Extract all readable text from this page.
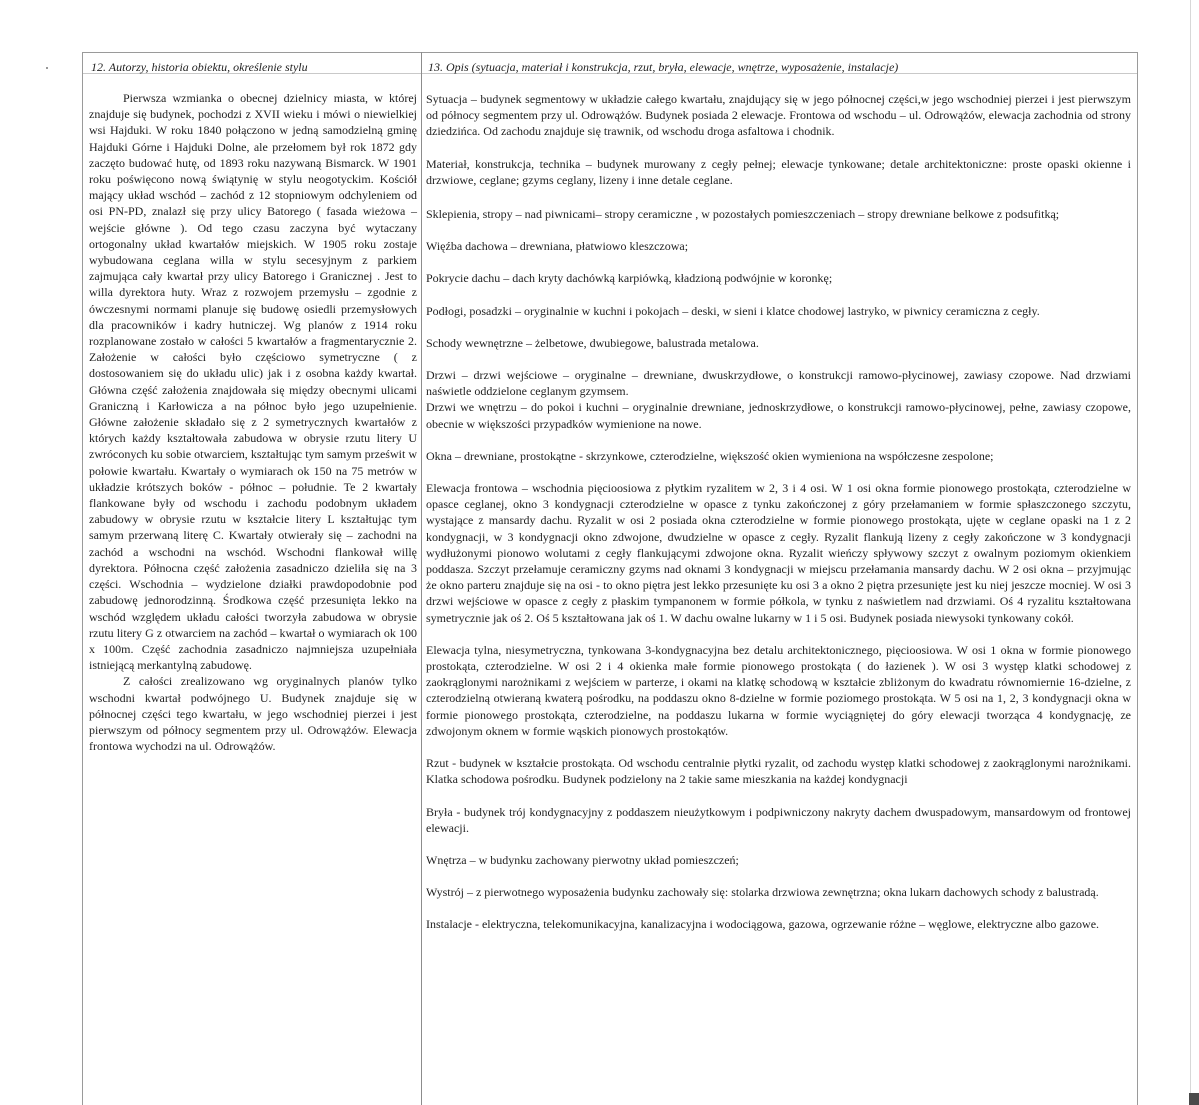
12. Autorzy, historia obiektu, określenie stylu	13. Opis (sytuacja, materiał i konstrukcja, rzut, bryła, elewacje, wnętrze, wyposażenie, instalacje)

Pierwsza wzmianka o obecnej dzielnicy miasta, w której znajduje się budynek, pochodzi z XVII wieku i mówi o niewielkiej wsi Hajduki. W roku 1840 połączono w jedną samodzielną gminę Hajduki Górne i Hajduki Dolne, ale przełomem był rok 1872 gdy zaczęto budować hutę, od 1893 roku nazywaną Bismarck. W 1901 roku poświęcono nową świątynię w stylu neogotyckim. Kościół mający układ wschód – zachód z 12 stopniowym odchyleniem od osi PN-PD, znalazł się przy ulicy Batorego ( fasada wieżowa – wejście główne ). Od tego czasu zaczyna być wytaczany ortogonalny układ kwartałów miejskich. W 1905 roku zostaje wybudowana ceglana willa w stylu secesyjnym z parkiem zajmująca cały kwartał przy ulicy Batorego i Granicznej . Jest to willa dyrektora huty. Wraz z rozwojem przemysłu – zgodnie z ówczesnymi normami planuje się budowę osiedli przemysłowych dla pracowników i kadry hutniczej. Wg planów z 1914 roku rozplanowane zostało w całości 5 kwartałów a fragmentarycznie 2. Założenie w całości było częściowo symetryczne ( z dostosowaniem się do układu ulic) jak i z osobna każdy kwartał. Główna część założenia znajdowała się między obecnymi ulicami Graniczną i Karłowicza a na północ było jego uzupełnienie. Główne założenie składało się z 2 symetrycznych kwartałów z których każdy kształtowała zabudowa w obrysie rzutu litery U zwróconych ku sobie otwarciem, kształtując tym samym prześwit w połowie kwartału. Kwartały o wymiarach ok 150 na 75 metrów w układzie krótszych boków - północ – południe. Te 2 kwartały flankowane były od wschodu i zachodu podobnym układem zabudowy w obrysie rzutu w kształcie litery L kształtując tym samym przerwaną literę C. Kwartały otwierały się – zachodni na zachód a wschodni na wschód. Wschodni flankował willę dyrektora. Północna część założenia zasadniczo dzieliła się na 3 części. Wschodnia – wydzielone działki prawdopodobnie pod zabudowę jednorodzinną. Środkowa część przesunięta lekko na wschód względem układu całości tworzyła zabudowa w obrysie rzutu litery G z otwarciem na zachód – kwartał o wymiarach ok 100 x 100m. Część zachodnia zasadniczo najmniejsza uzupełniała istniejącą merkantylną zabudowę.

Z całości zrealizowano wg oryginalnych planów tylko wschodni kwartał podwójnego U. Budynek znajduje się w północnej części tego kwartału, w jego wschodniej pierzei i jest pierwszym od północy segmentem przy ul. Odrowążów. Elewacja frontowa wychodzi na ul. Odrowążów.

Sytuacja – budynek segmentowy w układzie całego kwartału, znajdujący się w jego północnej części,w jego wschodniej pierzei i jest pierwszym od północy segmentem przy ul. Odrowążów. Budynek posiada 2 elewacje. Frontowa od wschodu – ul. Odrowążów, elewacja zachodnia od strony dziedzińca. Od zachodu znajduje się trawnik, od wschodu droga asfaltowa i chodnik.

Materiał, konstrukcja, technika – budynek murowany z cegły pełnej; elewacje tynkowane; detale architektoniczne: proste opaski okienne i drzwiowe, ceglane; gzyms ceglany, lizeny i inne detale ceglane.

Sklepienia, stropy – nad piwnicami– stropy ceramiczne , w pozostałych pomieszczeniach – stropy drewniane belkowe z podsufitką;

Więźba dachowa – drewniana, płatwiowo kleszczowa;

Pokrycie dachu – dach kryty dachówką karpiówką, kładzioną podwójnie w koronkę;

Podłogi, posadzki – oryginalnie w kuchni i pokojach – deski, w sieni i klatce chodowej lastryko, w piwnicy ceramiczna z cegły.

Schody wewnętrzne – żelbetowe, dwubiegowe, balustrada metalowa.

Drzwi – drzwi wejściowe – oryginalne – drewniane, dwuskrzydłowe, o konstrukcji ramowo-płycinowej, zawiasy czopowe. Nad drzwiami naświetle oddzielone ceglanym gzymsem.

Drzwi we wnętrzu – do pokoi i kuchni – oryginalnie drewniane, jednoskrzydłowe, o konstrukcji ramowo-płycinowej, pełne, zawiasy czopowe, obecnie w większości przypadków wymienione na nowe.

Okna – drewniane, prostokątne - skrzynkowe, czterodzielne, większość okien wymieniona na współczesne zespolone;

Elewacja frontowa – wschodnia pięcioosiowa z płytkim ryzalitem w 2, 3 i 4 osi. W 1 osi okna formie pionowego prostokąta, czterodzielne w opasce ceglanej, okno 3 kondygnacji czterodzielne w opasce z tynku zakończonej z góry przełamaniem w formie spłaszczonego szczytu, wystające z mansardy dachu. Ryzalit w osi 2 posiada okna czterodzielne w formie pionowego prostokąta, ujęte w ceglane opaski na 1 z 2 kondygnacji, w 3 kondygnacji okno zdwojone, dwudzielne w opasce z cegły. Ryzalit flankują lizeny z cegły zakończone w 3 kondygnacji wydłużonymi pionowo wolutami z cegły flankującymi zdwojone okna. Ryzalit wieńczy spływowy szczyt z owalnym poziomym okienkiem poddasza. Szczyt przełamuje ceramiczny gzyms nad oknami 3 kondygnacji w miejscu przełamania mansardy dachu. W 2 osi okna – przyjmując że okno parteru znajduje się na osi - to okno piętra jest lekko przesunięte ku osi 3 a okno 2 piętra przesunięte jest ku niej jeszcze mocniej. W osi 3 drzwi wejściowe w opasce z cegły z płaskim tympanonem w formie półkola, w tynku z naświetlem nad drzwiami. Oś 4 ryzalitu kształtowana symetrycznie jak oś 2. Oś 5 kształtowana jak oś 1. W dachu owalne lukarny w 1 i 5 osi. Budynek posiada niewysoki tynkowany cokół.

Elewacja tylna, niesymetryczna, tynkowana 3-kondygnacyjna bez detalu architektonicznego, pięcioosiowa. W osi 1 okna w formie pionowego prostokąta, czterodzielne. W osi 2 i 4 okienka małe formie pionowego prostokąta ( do łazienek ). W osi 3 występ klatki schodowej z zaokrąglonymi narożnikami z wejściem w parterze, i okami na klatkę schodową w kształcie zbliżonym do kwadratu równomiernie 16-dzielne, z czterodzielną otwieraną kwaterą pośrodku, na poddaszu okno 8-dzielne w formie poziomego prostokąta. W 5 osi na 1, 2, 3 kondygnacji okna w formie pionowego prostokąta, czterodzielne, na poddaszu lukarna w formie wyciągniętej do góry elewacji tworząca 4 kondygnację, ze zdwojonym oknem w formie wąskich pionowych prostokątów.

Rzut - budynek w kształcie prostokąta. Od wschodu centralnie płytki ryzalit, od zachodu występ klatki schodowej z zaokrąglonymi narożnikami. Klatka schodowa pośrodku. Budynek podzielony na 2 takie same mieszkania na każdej kondygnacji

Bryła - budynek trój kondygnacyjny z poddaszem nieużytkowym i podpiwniczony nakryty dachem dwuspadowym, mansardowym od frontowej elewacji.

Wnętrza – w budynku zachowany pierwotny układ pomieszczeń;

Wystrój – z pierwotnego wyposażenia budynku zachowały się: stolarka drzwiowa zewnętrzna; okna lukarn dachowych schody z balustradą.

Instalacje - elektryczna, telekomunikacyjna, kanalizacyjna i wodociągowa, gazowa, ogrzewanie różne – węglowe, elektryczne albo gazowe.
